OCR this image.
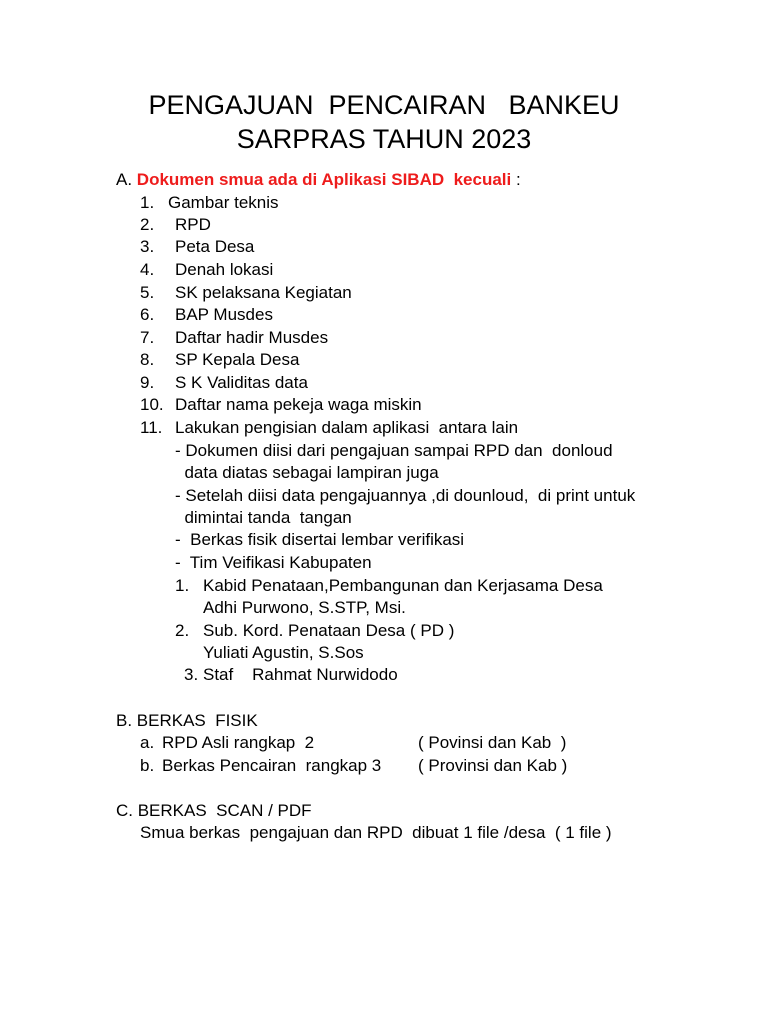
PENGAJUAN  PENCAIRAN   BANKEU
SARPRAS TAHUN 2023
A. Dokumen smua ada di Aplikasi SIBAD  kecuali :
1. Gambar teknis
2. RPD
3. Peta Desa
4. Denah lokasi
5. SK pelaksana Kegiatan
6. BAP Musdes
7. Daftar hadir Musdes
8. SP Kepala Desa
9. S K Validitas data
10. Daftar nama pekeja waga miskin
11. Lakukan pengisian dalam aplikasi  antara lain
- Dokumen diisi dari pengajuan sampai RPD dan  donloud
data diatas sebagai lampiran juga
- Setelah diisi data pengajuannya ,di dounloud,  di print untuk
dimintai tanda  tangan
-  Berkas fisik disertai lembar verifikasi
-  Tim Veifikasi Kabupaten
1. Kabid Penataan,Pembangunan dan Kerjasama Desa
Adhi Purwono, S.STP, Msi.
2. Sub. Kord. Penataan Desa ( PD )
Yuliati Agustin, S.Sos
3. Staf    Rahmat Nurwidodo
B. BERKAS  FISIK
a. RPD Asli rangkap  2	( Povinsi dan Kab  )
b. Berkas Pencairan  rangkap 3 ( Provinsi dan Kab )
C. BERKAS  SCAN / PDF
Smua berkas  pengajuan dan RPD  dibuat 1 file /desa  ( 1 file )
